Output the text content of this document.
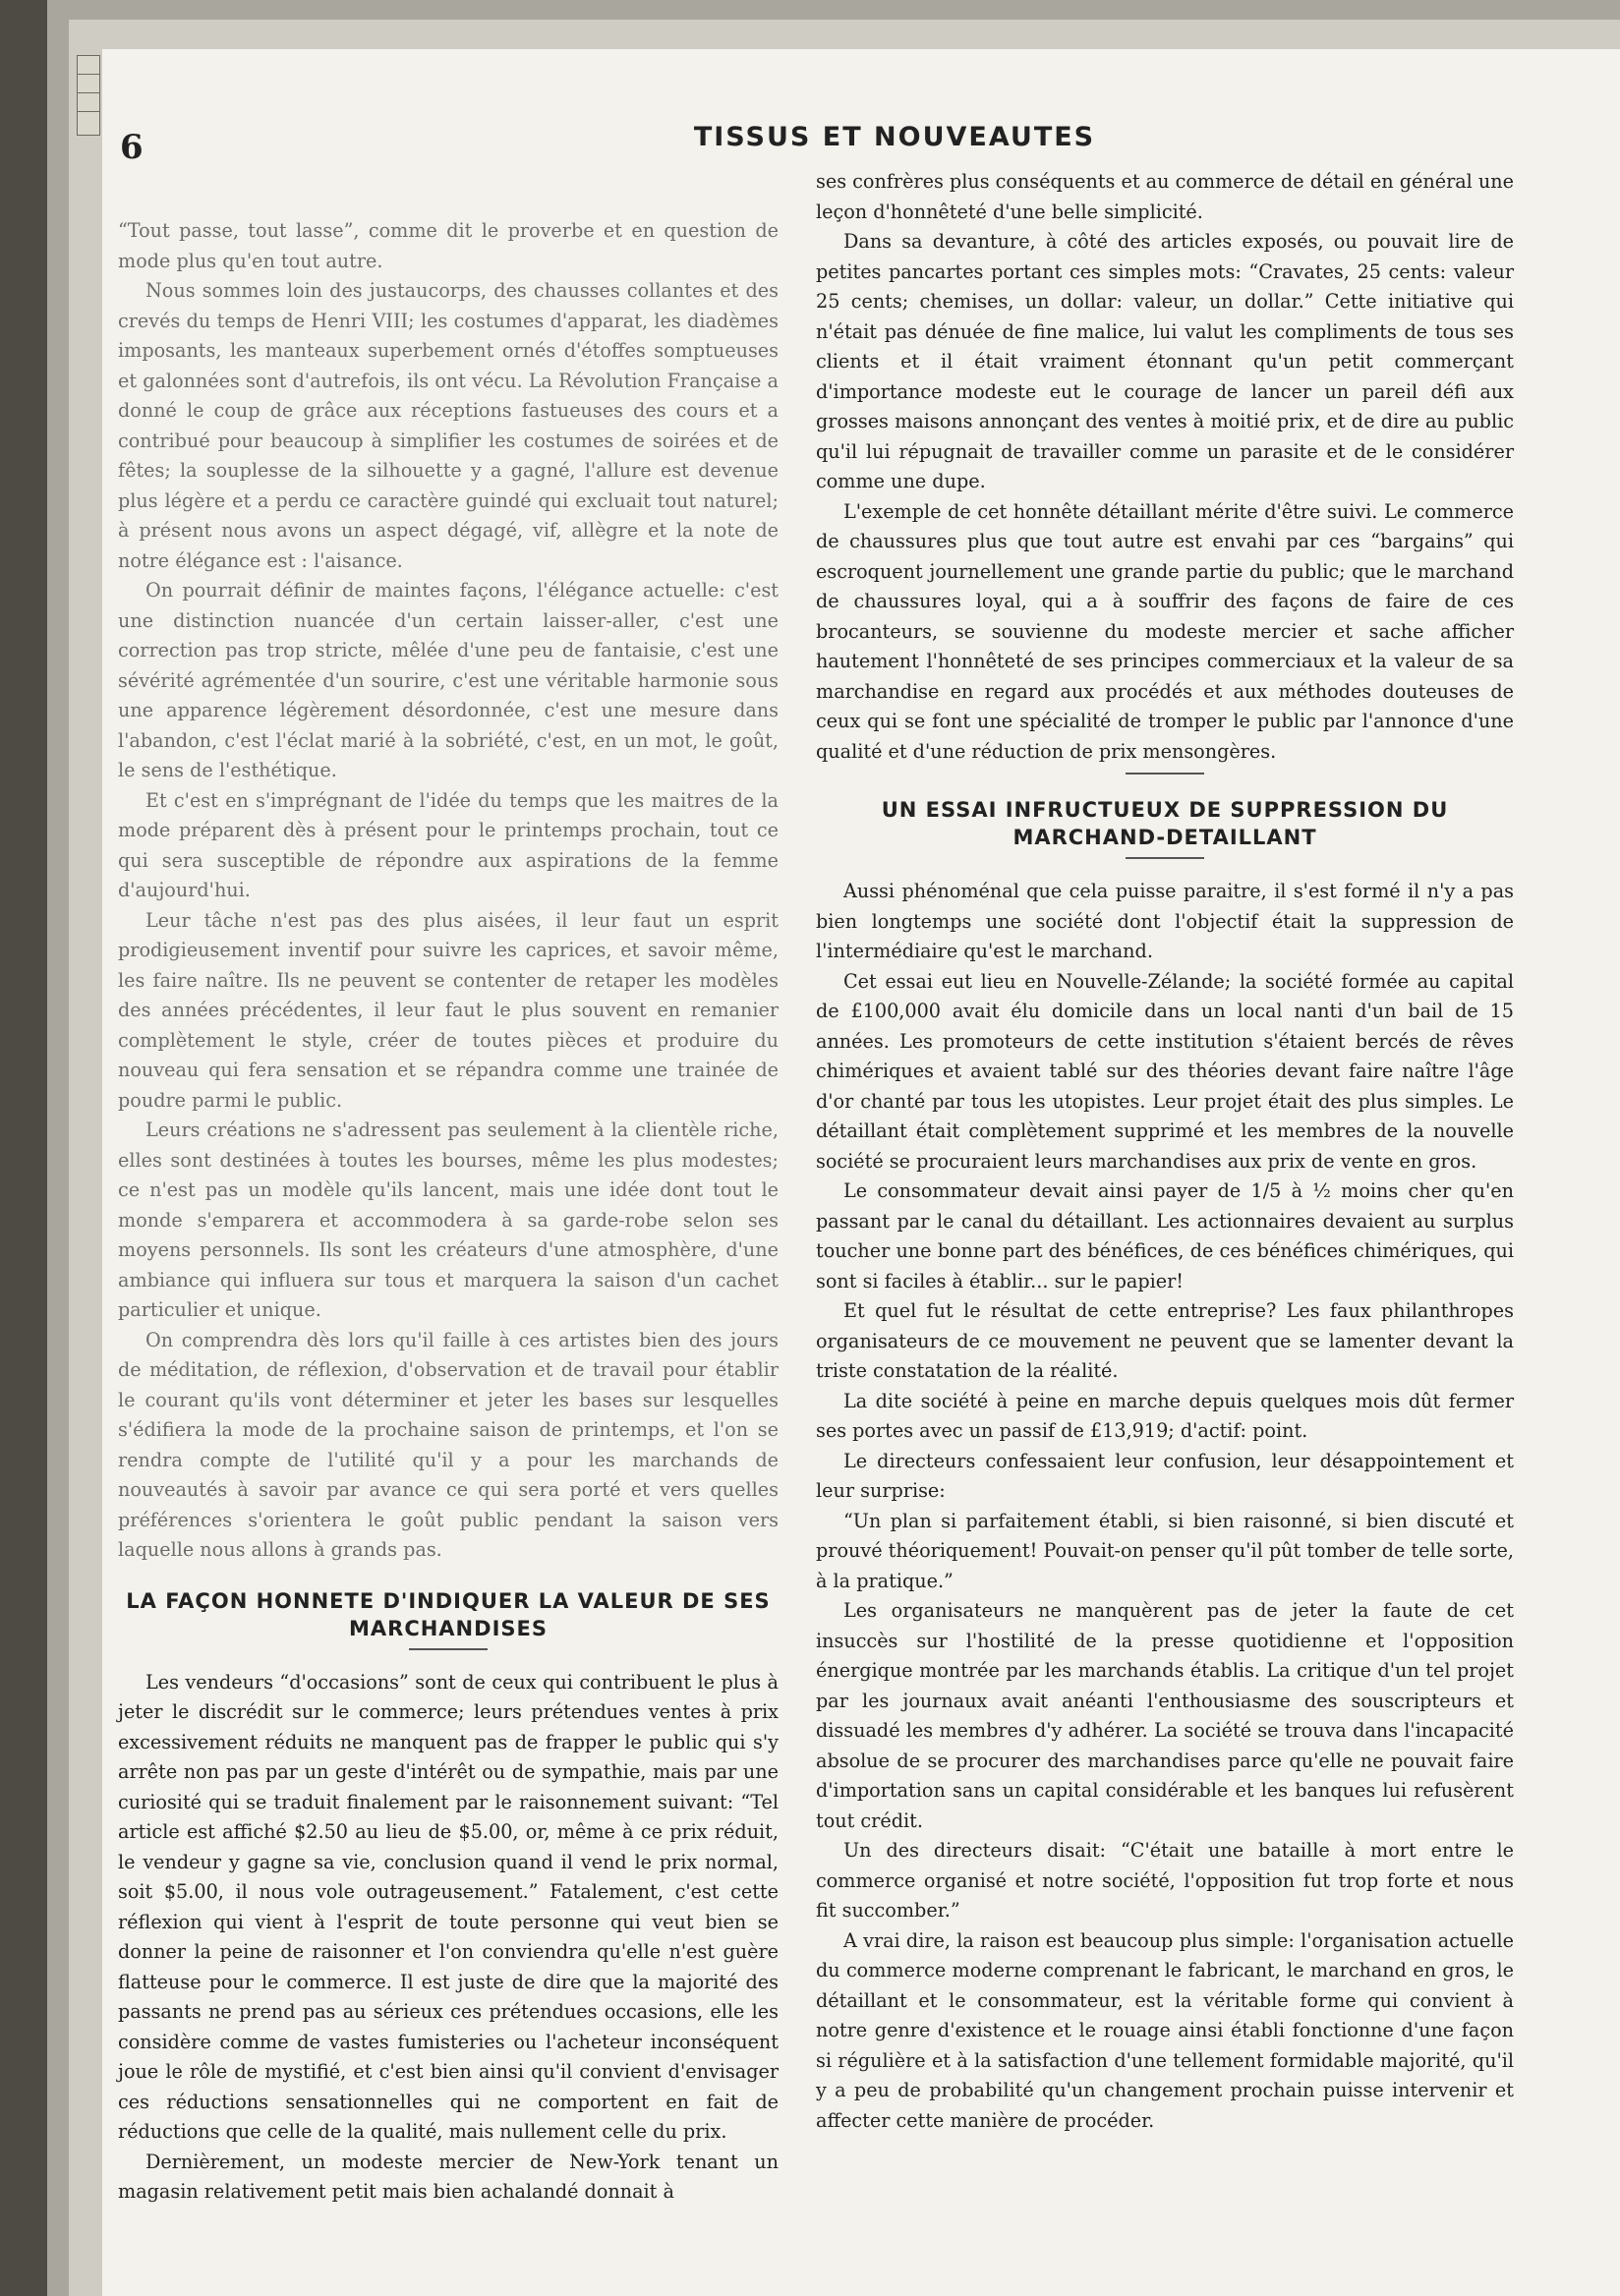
6	TISSUS ET NOUVEAUTES

“Tout passe, tout lasse”, comme dit le proverbe et en question de mode plus qu'en tout autre.

Nous sommes loin des justaucorps, des chausses collantes et des crevés du temps de Henri VIII; les costumes d'apparat, les diadèmes imposants, les manteaux superbement ornés d'étoffes somptueuses et galonnées sont d'autrefois, ils ont vécu. La Révolution Française a donné le coup de grâce aux réceptions fastueuses des cours et a contribué pour beaucoup à simplifier les costumes de soirées et de fêtes; la souplesse de la silhouette y a gagné, l'allure est devenue plus légère et a perdu ce caractère guindé qui excluait tout naturel; à présent nous avons un aspect dégagé, vif, allègre et la note de notre élégance est : l'aisance.

On pourrait définir de maintes façons, l'élégance actuelle: c'est une distinction nuancée d'un certain laisser-aller, c'est une correction pas trop stricte, mêlée d'une peu de fantaisie, c'est une sévérité agrémentée d'un sourire, c'est une véritable harmonie sous une apparence légèrement désordonnée, c'est une mesure dans l'abandon, c'est l'éclat marié à la sobriété, c'est, en un mot, le goût, le sens de l'esthétique.

Et c'est en s'imprégnant de l'idée du temps que les maitres de la mode préparent dès à présent pour le printemps prochain, tout ce qui sera susceptible de répondre aux aspirations de la femme d'aujourd'hui.

Leur tâche n'est pas des plus aisées, il leur faut un esprit prodigieusement inventif pour suivre les caprices, et savoir même, les faire naître. Ils ne peuvent se contenter de retaper les modèles des années précédentes, il leur faut le plus souvent en remanier complètement le style, créer de toutes pièces et produire du nouveau qui fera sensation et se répandra comme une trainée de poudre parmi le public.

Leurs créations ne s'adressent pas seulement à la clientèle riche, elles sont destinées à toutes les bourses, même les plus modestes; ce n'est pas un modèle qu'ils lancent, mais une idée dont tout le monde s'emparera et accommodera à sa garde-robe selon ses moyens personnels. Ils sont les créateurs d'une atmosphère, d'une ambiance qui influera sur tous et marquera la saison d'un cachet particulier et unique.

On comprendra dès lors qu'il faille à ces artistes bien des jours de méditation, de réflexion, d'observation et de travail pour établir le courant qu'ils vont déterminer et jeter les bases sur lesquelles s'édifiera la mode de la prochaine saison de printemps, et l'on se rendra compte de l'utilité qu'il y a pour les marchands de nouveautés à savoir par avance ce qui sera porté et vers quelles préférences s'orientera le goût public pendant la saison vers laquelle nous allons à grands pas.

LA FAÇON HONNETE D'INDIQUER LA VALEUR DE SES MARCHANDISES

Les vendeurs “d'occasions” sont de ceux qui contribuent le plus à jeter le discrédit sur le commerce; leurs prétendues ventes à prix excessivement réduits ne manquent pas de frapper le public qui s'y arrête non pas par un geste d'intérêt ou de sympathie, mais par une curiosité qui se traduit finalement par le raisonnement suivant: “Tel article est affiché $2.50 au lieu de $5.00, or, même à ce prix réduit, le vendeur y gagne sa vie, conclusion quand il vend le prix normal, soit $5.00, il nous vole outrageusement.” Fatalement, c'est cette réflexion qui vient à l'esprit de toute personne qui veut bien se donner la peine de raisonner et l'on conviendra qu'elle n'est guère flatteuse pour le commerce. Il est juste de dire que la majorité des passants ne prend pas au sérieux ces prétendues occasions, elle les considère comme de vastes fumisteries ou l'acheteur inconséquent joue le rôle de mystifié, et c'est bien ainsi qu'il convient d'envisager ces réductions sensationnelles qui ne comportent en fait de réductions que celle de la qualité, mais nullement celle du prix.

Dernièrement, un modeste mercier de New-York tenant un magasin relativement petit mais bien achalandé donnait à

ses confrères plus conséquents et au commerce de détail en général une leçon d'honnêteté d'une belle simplicité.

Dans sa devanture, à côté des articles exposés, ou pouvait lire de petites pancartes portant ces simples mots: “Cravates, 25 cents: valeur 25 cents; chemises, un dollar: valeur, un dollar.” Cette initiative qui n'était pas dénuée de fine malice, lui valut les compliments de tous ses clients et il était vraiment étonnant qu'un petit commerçant d'importance modeste eut le courage de lancer un pareil défi aux grosses maisons annonçant des ventes à moitié prix, et de dire au public qu'il lui répugnait de travailler comme un parasite et de le considérer comme une dupe.

L'exemple de cet honnête détaillant mérite d'être suivi. Le commerce de chaussures plus que tout autre est envahi par ces “bargains” qui escroquent journellement une grande partie du public; que le marchand de chaussures loyal, qui a à souffrir des façons de faire de ces brocanteurs, se souvienne du modeste mercier et sache afficher hautement l'honnêteté de ses principes commerciaux et la valeur de sa marchandise en regard aux procédés et aux méthodes douteuses de ceux qui se font une spécialité de tromper le public par l'annonce d'une qualité et d'une réduction de prix mensongères.

UN ESSAI INFRUCTUEUX DE SUPPRESSION DU MARCHAND-DETAILLANT

Aussi phénoménal que cela puisse paraitre, il s'est formé il n'y a pas bien longtemps une société dont l'objectif était la suppression de l'intermédiaire qu'est le marchand.

Cet essai eut lieu en Nouvelle-Zélande; la société formée au capital de £100,000 avait élu domicile dans un local nanti d'un bail de 15 années. Les promoteurs de cette institution s'étaient bercés de rêves chimériques et avaient tablé sur des théories devant faire naître l'âge d'or chanté par tous les utopistes. Leur projet était des plus simples. Le détaillant était complètement supprimé et les membres de la nouvelle société se procuraient leurs marchandises aux prix de vente en gros.

Le consommateur devait ainsi payer de 1/5 à ½ moins cher qu'en passant par le canal du détaillant. Les actionnaires devaient au surplus toucher une bonne part des bénéfices, de ces bénéfices chimériques, qui sont si faciles à établir... sur le papier!

Et quel fut le résultat de cette entreprise? Les faux philanthropes organisateurs de ce mouvement ne peuvent que se lamenter devant la triste constatation de la réalité.

La dite société à peine en marche depuis quelques mois dût fermer ses portes avec un passif de £13,919; d'actif: point.

Le directeurs confessaient leur confusion, leur désappointement et leur surprise:

“Un plan si parfaitement établi, si bien raisonné, si bien discuté et prouvé théoriquement! Pouvait-on penser qu'il pût tomber de telle sorte, à la pratique.”

Les organisateurs ne manquèrent pas de jeter la faute de cet insuccès sur l'hostilité de la presse quotidienne et l'opposition énergique montrée par les marchands établis. La critique d'un tel projet par les journaux avait anéanti l'enthousiasme des souscripteurs et dissuadé les membres d'y adhérer. La société se trouva dans l'incapacité absolue de se procurer des marchandises parce qu'elle ne pouvait faire d'importation sans un capital considérable et les banques lui refusèrent tout crédit.

Un des directeurs disait: “C'était une bataille à mort entre le commerce organisé et notre société, l'opposition fut trop forte et nous fit succomber.”

A vrai dire, la raison est beaucoup plus simple: l'organisation actuelle du commerce moderne comprenant le fabricant, le marchand en gros, le détaillant et le consommateur, est la véritable forme qui convient à notre genre d'existence et le rouage ainsi établi fonctionne d'une façon si régulière et à la satisfaction d'une tellement formidable majorité, qu'il y a peu de probabilité qu'un changement prochain puisse intervenir et affecter cette manière de procéder.
